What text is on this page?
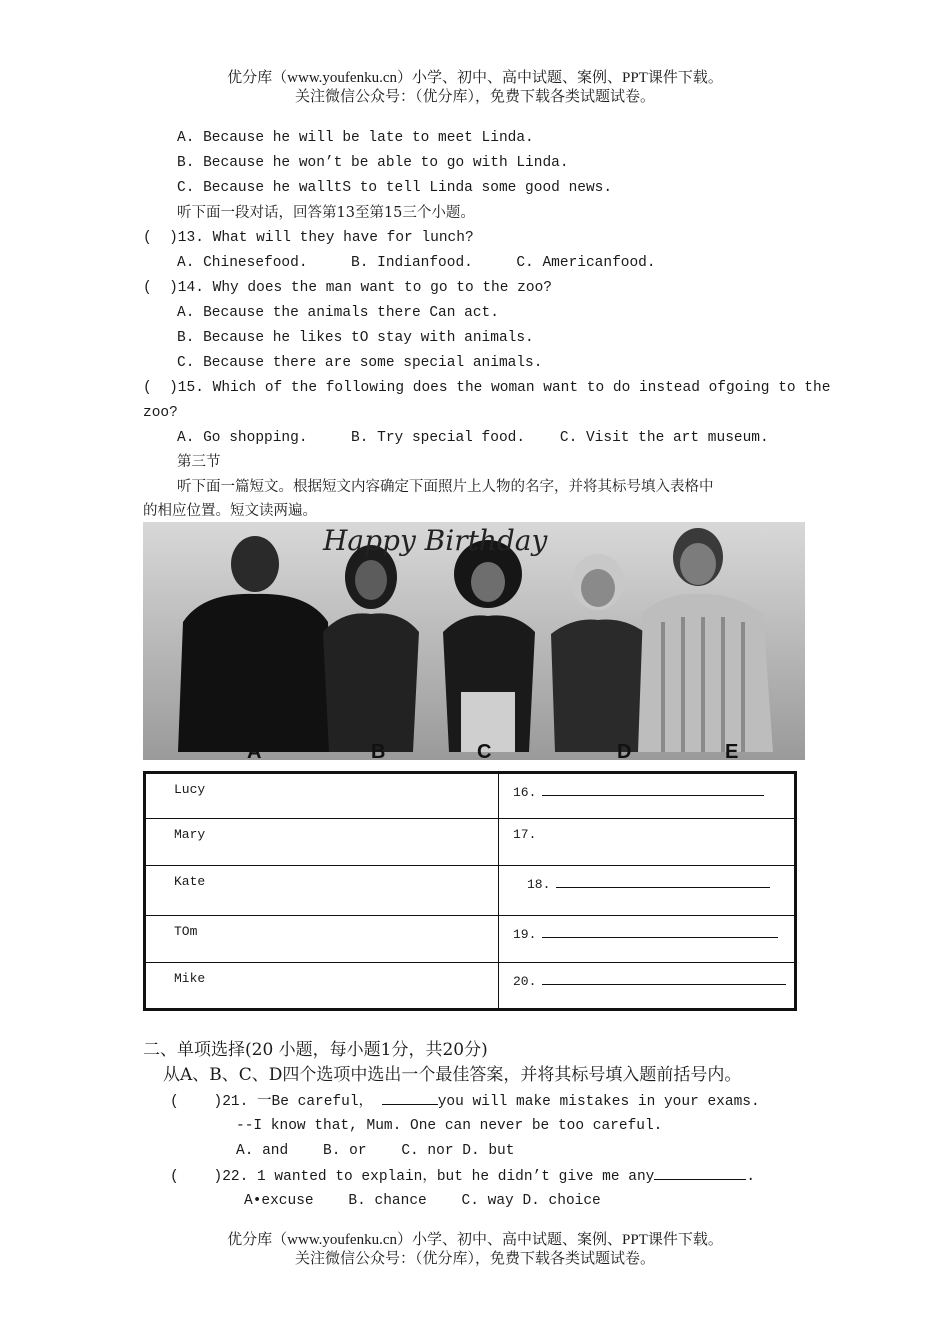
优分库（www.youfenku.cn）小学、初中、高中试题、案例、PPT课件下载。
关注微信公众号：（优分库），免费下载各类试题试卷。
A. Because he will be late to meet Linda.
B. Because he won’t be able to go with Linda.
C. Because he walltS to tell Linda some good news.
听下面一段对话，回答第13至第15三个小题。
(  )13. What will they have for lunch?
A. Chinesefood.     B. Indianfood.     C. Americanfood.
(  )14. Why does the man want to go to the zoo?
A. Because the animals there Can act.
B. Because he likes tO stay with animals.
C. Because there are some special animals.
(  )15. Which of the following does the woman want to do instead ofgoing to the
zoo?
A. Go shopping.     B. Try special food.    C. Visit the art museum.
第三节
听下面一篇短文。根据短文内容确定下面照片上人物的名字，并将其标号填入表格中
的相应位置。短文读两遍。
Happy Birthday
A	B	C	D	E
Lucy	16.
Mary	17.
Kate	18.
TOm	19.
Mike	20.
二、单项选择(20 小题，每小题1分，共20分)
从A、B、C、D四个选项中选出一个最佳答案，并将其标号填入题前括号内。
(    )21. 一Be careful，	you will make mistakes in your exams.
--I know that, Mum. One can never be too careful.
A. and    B. or    C. nor D. but
(    )22. 1 wanted to explain，but he didn’t give me any	.
A•excuse    B. chance    C. way D. choice
优分库（www.youfenku.cn）小学、初中、高中试题、案例、PPT课件下载。
关注微信公众号：（优分库），免费下载各类试题试卷。
